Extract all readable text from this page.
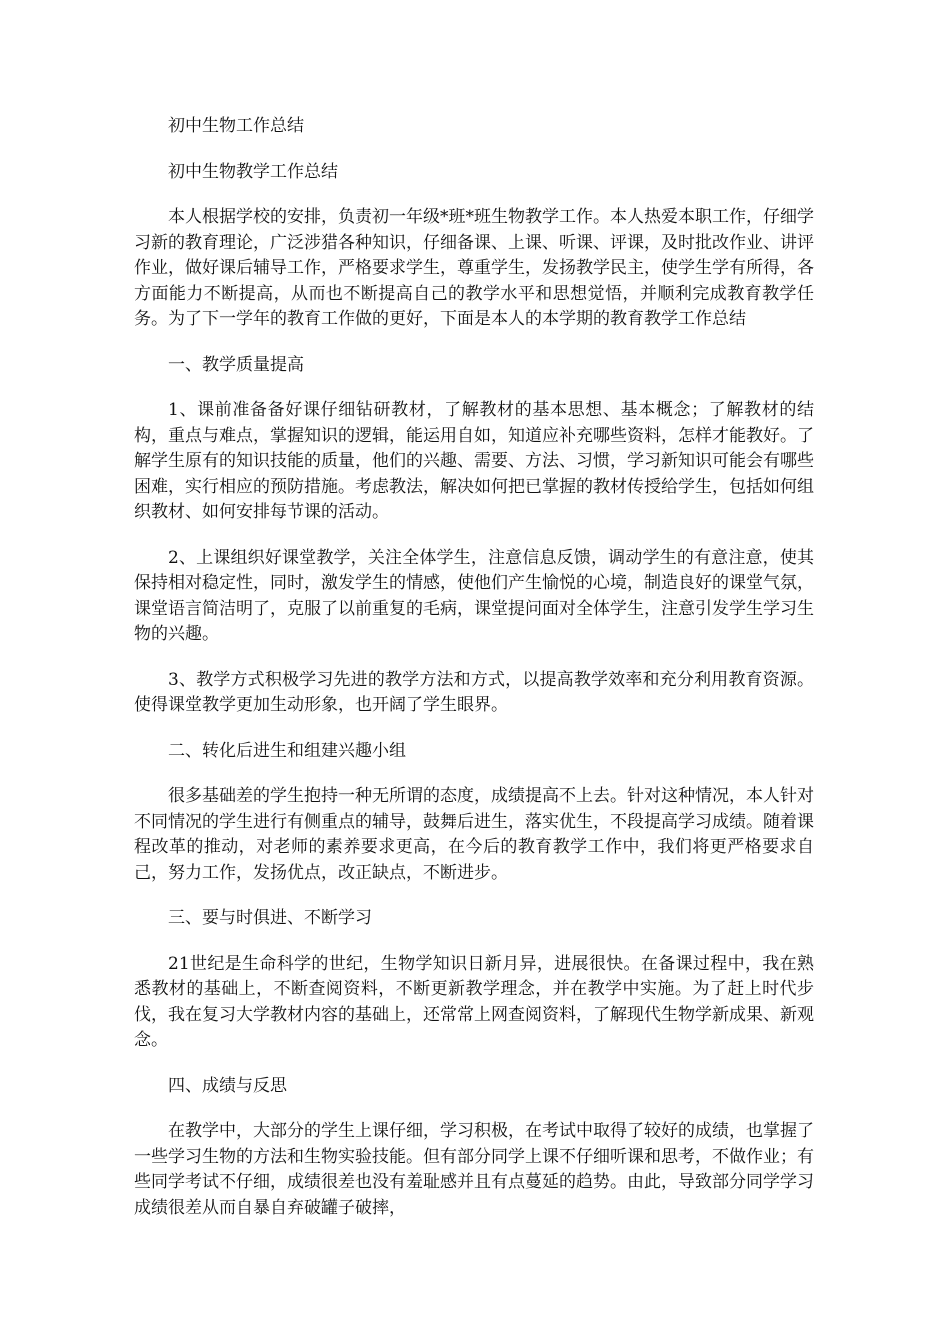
初中生物工作总结

初中生物教学工作总结

本人根据学校的安排，负责初一年级*班*班生物教学工作。本人热爱本职工作，仔细学习新的教育理论，广泛涉猎各种知识，仔细备课、上课、听课、评课，及时批改作业、讲评作业，做好课后辅导工作，严格要求学生，尊重学生，发扬教学民主，使学生学有所得，各方面能力不断提高，从而也不断提高自己的教学水平和思想觉悟，并顺利完成教育教学任务。为了下一学年的教育工作做的更好，下面是本人的本学期的教育教学工作总结

一、教学质量提高

1、课前准备备好课仔细钻研教材，了解教材的基本思想、基本概念；了解教材的结构，重点与难点，掌握知识的逻辑，能运用自如，知道应补充哪些资料，怎样才能教好。了解学生原有的知识技能的质量，他们的兴趣、需要、方法、习惯，学习新知识可能会有哪些困难，实行相应的预防措施。考虑教法，解决如何把已掌握的教材传授给学生，包括如何组织教材、如何安排每节课的活动。

2、上课组织好课堂教学，关注全体学生，注意信息反馈，调动学生的有意注意，使其保持相对稳定性，同时，激发学生的情感，使他们产生愉悦的心境，制造良好的课堂气氛，课堂语言简洁明了，克服了以前重复的毛病，课堂提问面对全体学生，注意引发学生学习生物的兴趣。

3、教学方式积极学习先进的教学方法和方式，以提高教学效率和充分利用教育资源。使得课堂教学更加生动形象，也开阔了学生眼界。

二、转化后进生和组建兴趣小组

很多基础差的学生抱持一种无所谓的态度，成绩提高不上去。针对这种情况，本人针对不同情况的学生进行有侧重点的辅导，鼓舞后进生，落实优生，不段提高学习成绩。随着课程改革的推动，对老师的素养要求更高，在今后的教育教学工作中，我们将更严格要求自己，努力工作，发扬优点，改正缺点，不断进步。

三、要与时俱进、不断学习

21世纪是生命科学的世纪，生物学知识日新月异，进展很快。在备课过程中，我在熟悉教材的基础上，不断查阅资料，不断更新教学理念，并在教学中实施。为了赶上时代步伐，我在复习大学教材内容的基础上，还常常上网查阅资料，了解现代生物学新成果、新观念。

四、成绩与反思

在教学中，大部分的学生上课仔细，学习积极，在考试中取得了较好的成绩，也掌握了一些学习生物的方法和生物实验技能。但有部分同学上课不仔细听课和思考，不做作业；有些同学考试不仔细，成绩很差也没有羞耻感并且有点蔓延的趋势。由此，导致部分同学学习成绩很差从而自暴自弃破罐子破摔，
